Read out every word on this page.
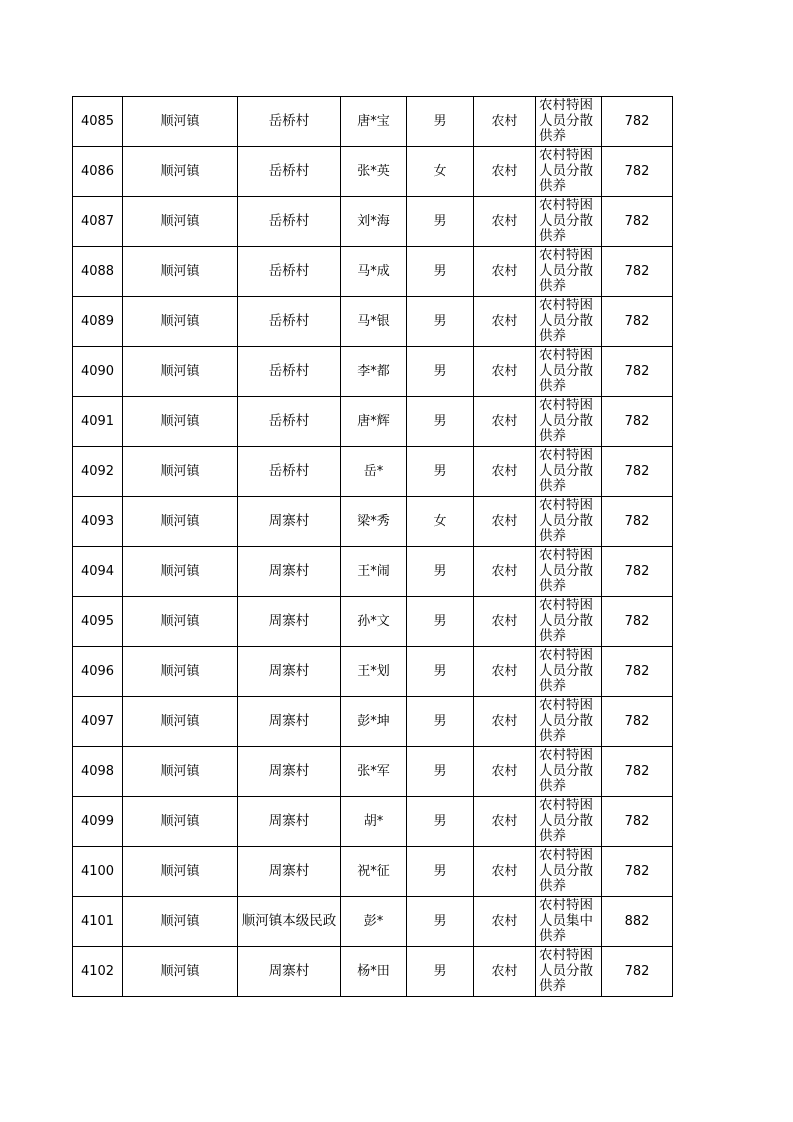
4085	顺河镇	岳桥村	唐*宝	男	农村	农村特困人员分散供养	782
4086	顺河镇	岳桥村	张*英	女	农村	农村特困人员分散供养	782
4087	顺河镇	岳桥村	刘*海	男	农村	农村特困人员分散供养	782
4088	顺河镇	岳桥村	马*成	男	农村	农村特困人员分散供养	782
4089	顺河镇	岳桥村	马*银	男	农村	农村特困人员分散供养	782
4090	顺河镇	岳桥村	李*都	男	农村	农村特困人员分散供养	782
4091	顺河镇	岳桥村	唐*辉	男	农村	农村特困人员分散供养	782
4092	顺河镇	岳桥村	岳*	男	农村	农村特困人员分散供养	782
4093	顺河镇	周寨村	梁*秀	女	农村	农村特困人员分散供养	782
4094	顺河镇	周寨村	王*闹	男	农村	农村特困人员分散供养	782
4095	顺河镇	周寨村	孙*文	男	农村	农村特困人员分散供养	782
4096	顺河镇	周寨村	王*划	男	农村	农村特困人员分散供养	782
4097	顺河镇	周寨村	彭*坤	男	农村	农村特困人员分散供养	782
4098	顺河镇	周寨村	张*军	男	农村	农村特困人员分散供养	782
4099	顺河镇	周寨村	胡*	男	农村	农村特困人员分散供养	782
4100	顺河镇	周寨村	祝*征	男	农村	农村特困人员分散供养	782
4101	顺河镇	顺河镇本级民政	彭*	男	农村	农村特困人员集中供养	882
4102	顺河镇	周寨村	杨*田	男	农村	农村特困人员分散供养	782
